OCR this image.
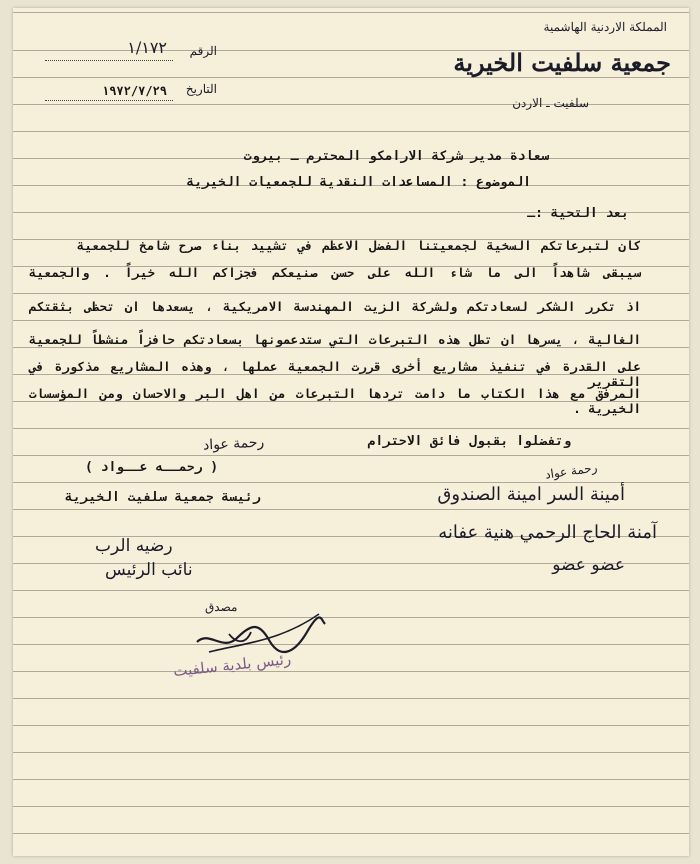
المملكة الاردنية الهاشمية
جمعية سلفيت الخيرية
سلفيت ـ الاردن
الرقم
١/١٧٢
التاريخ
١٩٧٢/٧/٢٩
سعادة مدير شركة الارامكو المحترم ـ بيروت
الموضوع : المساعدات النقدية للجمعيات الخيرية
بعد التحية :ـ
كان لتبرعاتكم السخية لجمعيتنا الفضل الاعظم في تشييد بناء صرح شامخ للجمعية
سيبقى شاهداً الى ما شاء الله على حسن صنيعكم فجزاكم الله خيراً . والجمعية
اذ تكرر الشكر لسعادتكم ولشركة الزيت المهندسة الامريكية ، يسعدها ان تحظى بثقتكم
الغالية ، يسرها ان تطل هذه التبرعات التي ستدعمونها بسعادتكم حافزاً منشطاً للجمعية
على القدرة في تنفيذ مشاريع أخرى قررت الجمعية عملها ، وهذه المشاريع مذكورة في التقرير
المرفق مع هذا الكتاب ما دامت تردها التبرعات من اهل البر والاحسان ومن المؤسسات الخيرية .
وتفضلوا بقبول فائق الاحترام
رحمة عواد
( رحمــه عــواد )
رئيسة جمعية سلفيت الخيرية
رحمة عواد
أمينة السر امينة الصندوق
آمنة الحاج الرحمي هنية عفانه
عضو عضو
رضيه الرب
نائب الرئيس
مصدق
رئيس بلدية سلفيت
